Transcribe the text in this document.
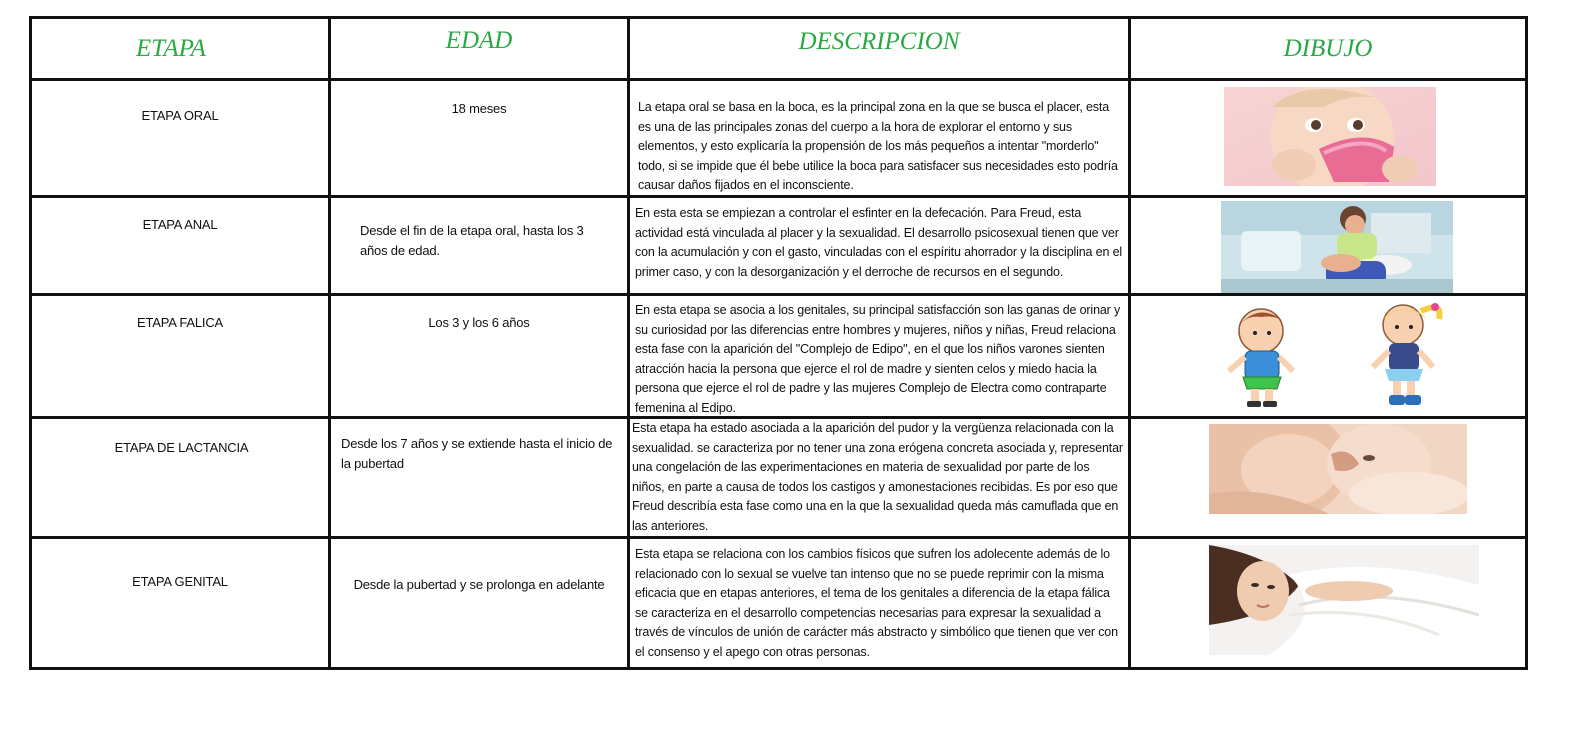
ETAPA	EDAD	DESCRIPCION	DIBUJO

ETAPA ORAL	18 meses	La etapa oral se basa en la boca, es la principal zona en la que se busca el placer, esta es una de las principales zonas del cuerpo a la hora de explorar el entorno y sus elementos, y esto explicaría la propensión de los más pequeños a intentar "morderlo" todo, si se impide que él bebe utilice la boca para satisfacer sus necesidades esto podría causar daños fijados en el inconsciente.

ETAPA ANAL	Desde el fin de la etapa oral, hasta los 3 años de edad.	En esta esta se empiezan a controlar el esfinter en la defecación. Para Freud, esta actividad está vinculada al placer y la sexualidad. El desarrollo psicosexual tienen que ver con la acumulación y con el gasto, vinculadas con el espíritu ahorrador y la disciplina en el primer caso, y con la desorganización y el derroche de recursos en el segundo.

ETAPA FALICA	Los 3 y los 6 años	En esta etapa se asocia a los genitales, su principal satisfacción son las ganas de orinar y su curiosidad por las diferencias entre hombres y mujeres, niños y niñas, Freud relaciona esta fase con la aparición del "Complejo de Edipo", en el que los niños varones sienten atracción hacia la persona que ejerce el rol de madre y sienten celos y miedo hacia la persona que ejerce el rol de padre y las mujeres Complejo de Electra como contraparte femenina al Edipo.

ETAPA DE LACTANCIA	Desde los 7 años y se extiende hasta el inicio de la pubertad	Esta etapa ha estado asociada a la aparición del pudor y la vergüenza relacionada con la sexualidad. se caracteriza por no tener una zona erógena concreta asociada y, representar una congelación de las experimentaciones en materia de sexualidad por parte de los niños, en parte a causa de todos los castigos y amonestaciones recibidas. Es por eso que Freud describía esta fase como una en la que la sexualidad queda más camuflada que en las anteriores.

ETAPA GENITAL	Desde la pubertad y se prolonga en adelante	Esta etapa se relaciona con los cambios físicos que sufren los adolecente además de lo relacionado con lo sexual se vuelve tan intenso que no se puede reprimir con la misma eficacia que en etapas anteriores, el tema de los genitales a diferencia de la etapa fálica se caracteriza en el desarrollo competencias necesarias para expresar la sexualidad a través de vínculos de unión de carácter más abstracto y simbólico que tienen que ver con el consenso y el apego con otras personas.
